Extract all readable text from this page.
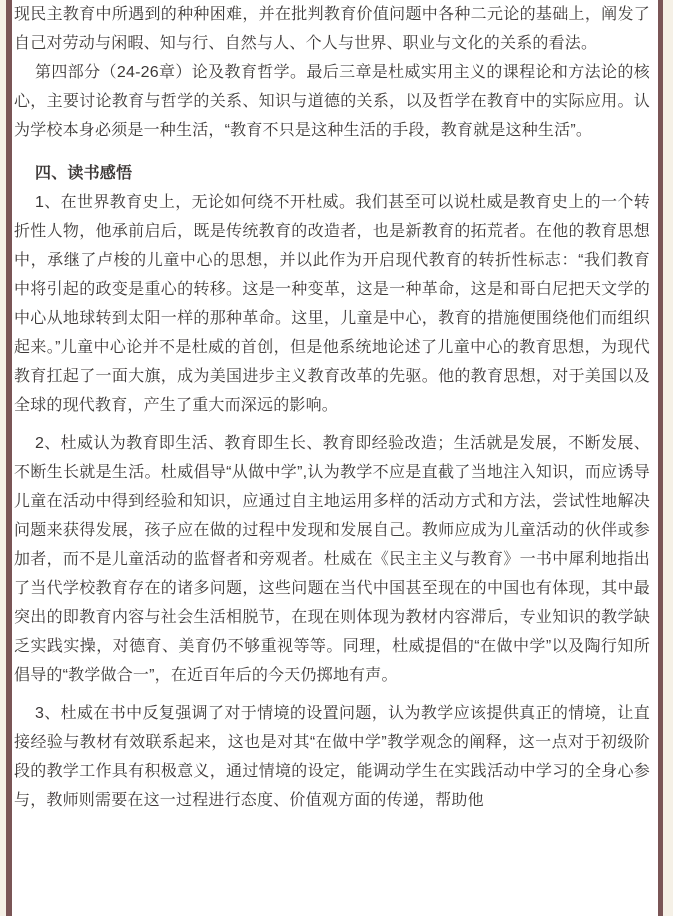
现民主教育中所遇到的种种困难，并在批判教育价值问题中各种二元论的基础上，阐发了自己对劳动与闲暇、知与行、自然与人、个人与世界、职业与文化的关系的看法。

第四部分（24-26章）论及教育哲学。最后三章是杜威实用主义的课程论和方法论的核心，主要讨论教育与哲学的关系、知识与道德的关系，以及哲学在教育中的实际应用。认为学校本身必须是一种生活，“教育不只是这种生活的手段，教育就是这种生活”。

四、读书感悟

1、在世界教育史上，无论如何绕不开杜威。我们甚至可以说杜威是教育史上的一个转折性人物，他承前启后，既是传统教育的改造者，也是新教育的拓荒者。在他的教育思想中，承继了卢梭的儿童中心的思想，并以此作为开启现代教育的转折性标志：“我们教育中将引起的政变是重心的转移。这是一种变革，这是一种革命，这是和哥白尼把天文学的中心从地球转到太阳一样的那种革命。这里，儿童是中心，教育的措施便围绕他们而组织起来。”儿童中心论并不是杜威的首创，但是他系统地论述了儿童中心的教育思想，为现代教育扛起了一面大旗，成为美国进步主义教育改革的先驱。他的教育思想，对于美国以及全球的现代教育，产生了重大而深远的影响。

2、杜威认为教育即生活、教育即生长、教育即经验改造；生活就是发展，不断发展、不断生长就是生活。杜威倡导“从做中学”,认为教学不应是直截了当地注入知识，而应诱导儿童在活动中得到经验和知识，应通过自主地运用多样的活动方式和方法，尝试性地解决问题来获得发展，孩子应在做的过程中发现和发展自己。教师应成为儿童活动的伙伴或参加者，而不是儿童活动的监督者和旁观者。杜威在《民主主义与教育》一书中犀利地指出了当代学校教育存在的诸多问题，这些问题在当代中国甚至现在的中国也有体现，其中最突出的即教育内容与社会生活相脱节，在现在则体现为教材内容滞后，专业知识的教学缺乏实践实操，对德育、美育仍不够重视等等。同理，杜威提倡的“在做中学”以及陶行知所倡导的“教学做合一”，在近百年后的今天仍掷地有声。

3、杜威在书中反复强调了对于情境的设置问题，认为教学应该提供真正的情境，让直接经验与教材有效联系起来，这也是对其“在做中学”教学观念的阐释，这一点对于初级阶段的教学工作具有积极意义，通过情境的设定，能调动学生在实践活动中学习的全身心参与，教师则需要在这一过程进行态度、价值观方面的传递，帮助他
